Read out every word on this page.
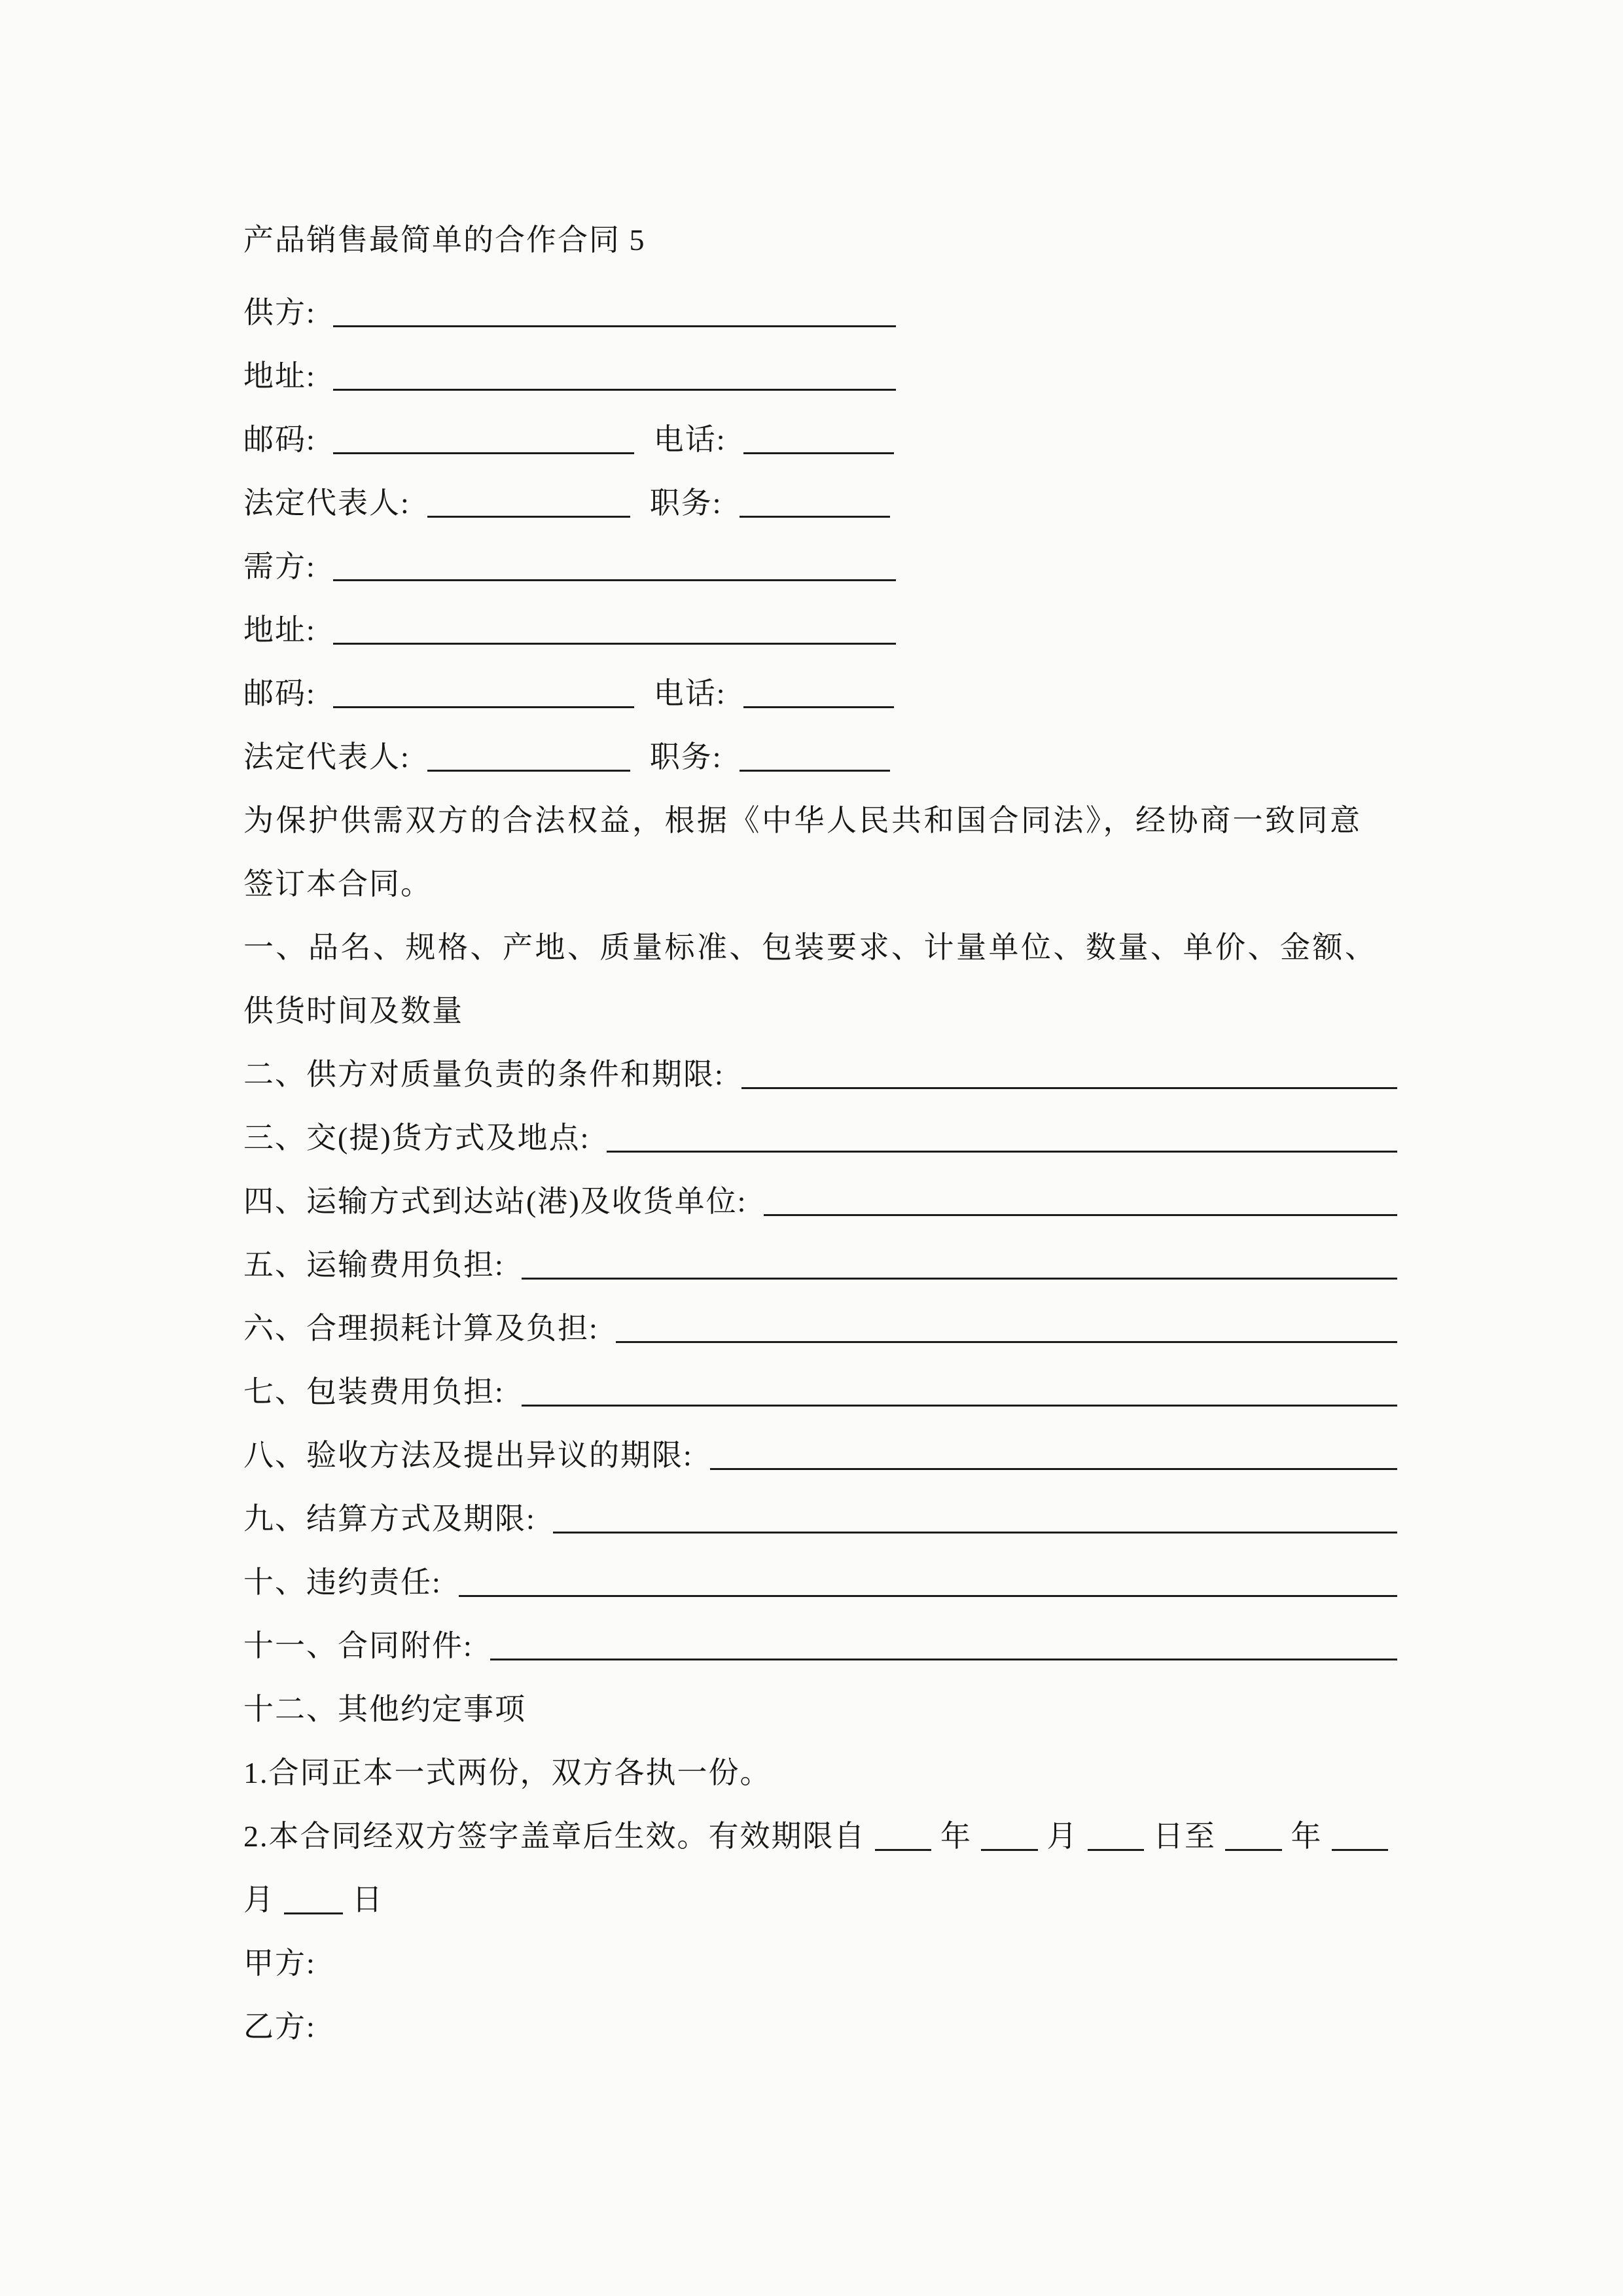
产品销售最简单的合作合同 5
供方:
地址:
邮码:	电话:
法定代表人:	职务:
需方:
地址:
邮码:	电话:
法定代表人:	职务:
为保护供需双方的合法权益，根据《中华人民共和国合同法》，经协商一致同意
签订本合同。
一、品名、规格、产地、质量标准、包装要求、计量单位、数量、单价、金额、
供货时间及数量
二、供方对质量负责的条件和期限:
三、交(提)货方式及地点:
四、运输方式到达站(港)及收货单位:
五、运输费用负担:
六、合理损耗计算及负担:
七、包装费用负担:
八、验收方法及提出异议的期限:
九、结算方式及期限:
十、违约责任:
十一、合同附件:
十二、其他约定事项
1.合同正本一式两份，双方各执一份。
2.本合同经双方签字盖章后生效。有效期限自 年 月 日至 年
月	日
甲方:
乙方:
